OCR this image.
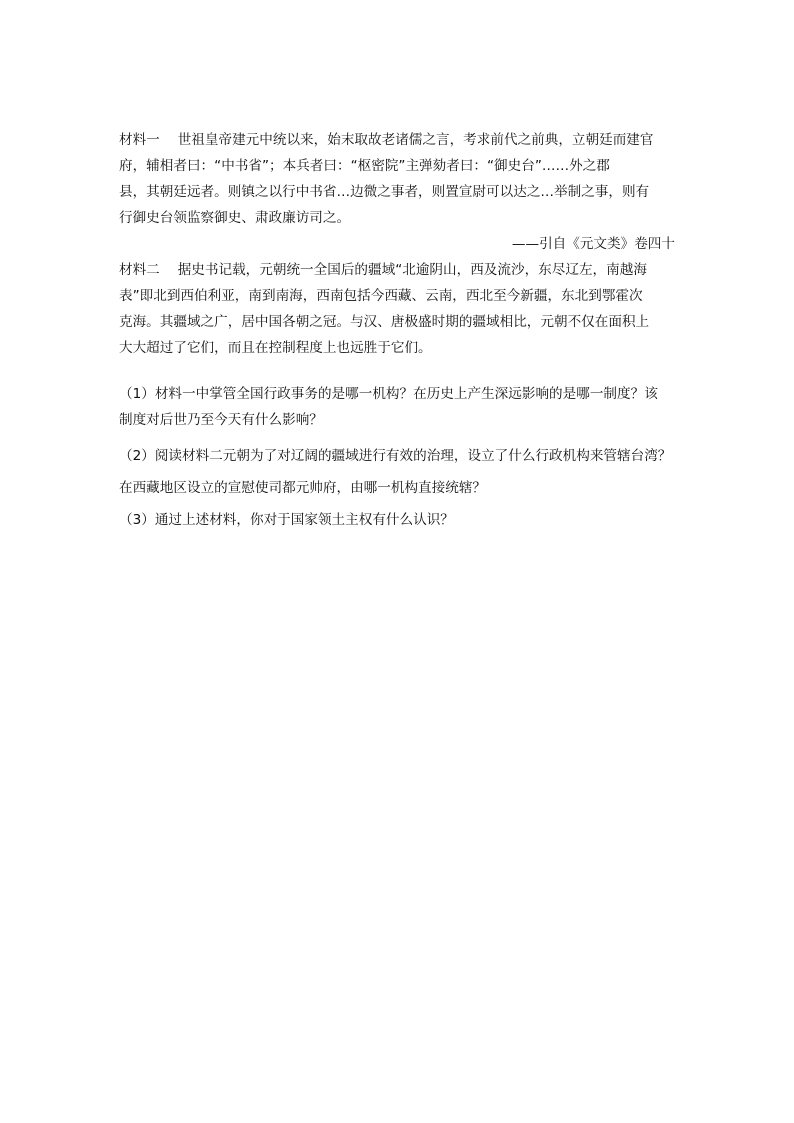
材料一　 世祖皇帝建元中统以来，始末取故老诸儒之言，考求前代之前典，立朝廷而建官
府，辅相者曰：“中书省”；本兵者曰：“枢密院”主弹劾者曰：“御史台”……外之郡
县，其朝廷远者。则镇之以行中书省…边微之事者，则置宣尉可以达之…举制之事，则有
行御史台领监察御史、肃政廉访司之。
——引自《元文类》卷四十
材料二　 据史书记载，元朝统一全国后的疆域“北逾阴山，西及流沙，东尽辽左，南越海
表”即北到西伯利亚，南到南海，西南包括今西藏、云南，西北至今新疆，东北到鄂霍次
克海。其疆域之广，居中国各朝之冠。与汉、唐极盛时期的疆域相比，元朝不仅在面积上
大大超过了它们，而且在控制程度上也远胜于它们。
（1）材料一中掌管全国行政事务的是哪一机构？在历史上产生深远影响的是哪一制度？该
制度对后世乃至今天有什么影响？
（2）阅读材料二元朝为了对辽阔的疆域进行有效的治理，设立了什么行政机构来管辖台湾？
在西藏地区设立的宣慰使司都元帅府，由哪一机构直接统辖？
（3）通过上述材料，你对于国家领土主权有什么认识？
